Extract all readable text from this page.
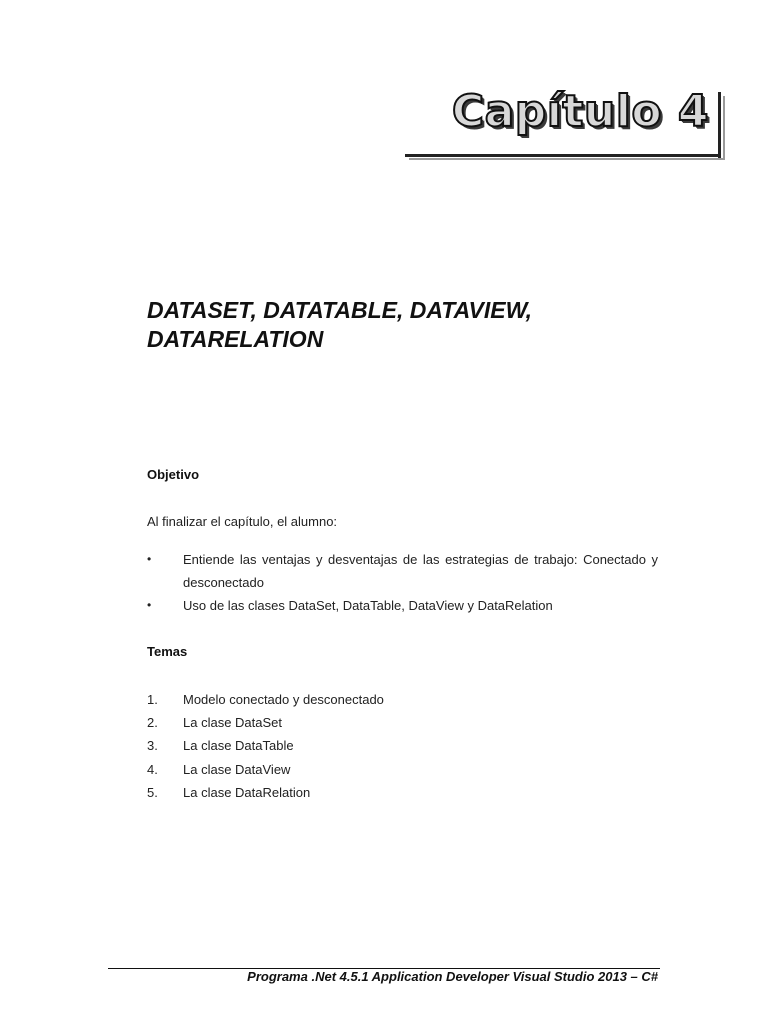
Capítulo 4
DATASET, DATATABLE, DATAVIEW,
DATARELATION
Objetivo

Al finalizar el capítulo, el alumno:

• Entiende las ventajas y desventajas de las estrategias de trabajo: Conectado y desconectado
• Uso de las clases DataSet, DataTable, DataView y DataRelation
Temas
1. Modelo conectado y desconectado
2. La clase DataSet
3. La clase DataTable
4. La clase DataView
5. La clase DataRelation

Programa .Net 4.5.1 Application Developer Visual Studio 2013 – C#
